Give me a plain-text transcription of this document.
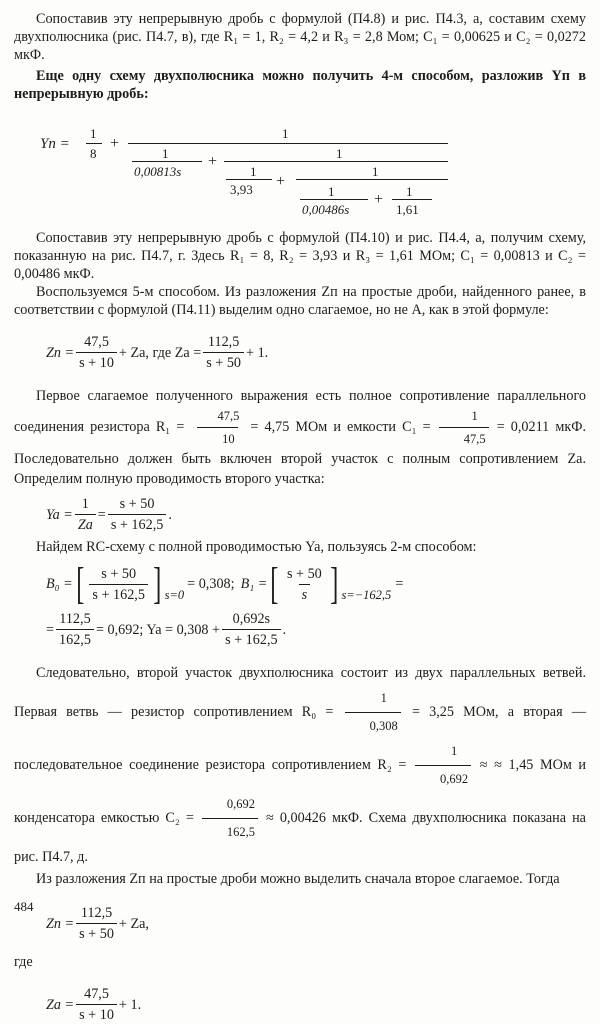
Сопоставив эту непрерывную дробь с формулой (П4.8) и рис. П4.3, а, составим схему двухполюсника (рис. П4.7, в), где R₁ = 1, R₂ = 4,2 и R₃ = 2,8 Мом; C₁ = 0,00625 и C₂ = 0,0272 мкФ.

Еще одну схему двухполюсника можно получить 4-м способом, разложив Yп в непрерывную дробь:

Yп =
1
8
+
1
1
0,00813s
+	1
1
3,93 +
1
1
0,00486s
+ 1
1,61

Сопоставив эту непрерывную дробь с формулой (П4.10) и рис. П4.4, а, получим схему, показанную на рис. П4.7, г. Здесь R₁ = 8, R₂ = 3,93 и R₃ = 1,61 МОм; C₁ = 0,00813 и C₂ = 0,00486 мкФ.

Воспользуемся 5-м способом. Из разложения Zп на простые дроби, найденного ранее, в соответствии с формулой (П4.11) выделим одно слагаемое, но не A, как в этой формуле:

Zп = $\frac{47,5}{s + 10} + Za$, где $Za = \frac{112,5}{s + 50} + 1$.

Первое слагаемое полученного выражения есть полное сопротивление параллельного соединения резистора $R_1 = \frac{47,5}{10} = 4,75$ МОм и емкости $C_1 = \frac{1}{47,5} = 0,0211$ мкФ. Последовательно должен быть включен второй участок с полным сопротивлением Za. Определим полную проводимость второго участка:

$Ya = \frac{1}{Za} = \frac{s + 50}{s + 162,5}$ .

Найдем RC-схему с полной проводимостью Ya, пользуясь 2-м способом:

B₀ = [ $\frac{s + 50}{s + 162,5}$ ] s=0
= 0,308; B₁ = [ $\frac{s + 50}{s}$ ] s=−162,5
=
= $\frac{112,5}{162,5} = 0,692$; $Ya = 0,308 + \frac{0,692s}{s + 162,5}$ .

Следовательно, второй участок двухполюсника состоит из двух параллельных ветвей. Первая ветвь — резистор сопротивлением $R_0 = \frac{1}{0,308} = 3,25$ МОм, а вторая — последовательное соединение резистора сопротивлением $R_2 = \frac{1}{0,692}$ ≈ ≈ 1,45 МОм и конденсатора емкостью $C_2 = \frac{0,692}{162,5} \approx 0,00426$ мкФ. Схема двухполюсника показана на рис. П4.7, д.

Из разложения Zп на простые дроби можно выделить сначала второе слагаемое. Тогда

Zп = $\frac{112,5}{s + 50} + Za$,

где

$Za = \frac{47,5}{s + 10} + 1$.
484
